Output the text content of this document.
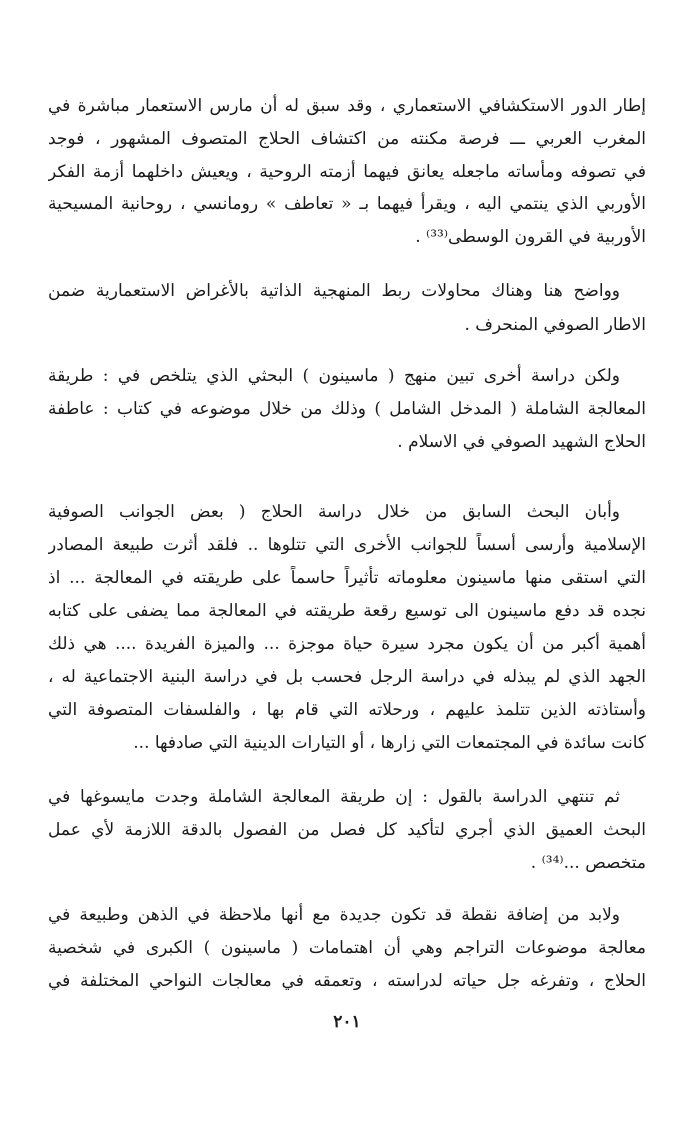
إطار الدور الاستكشافي الاستعماري ، وقد سبق له أن مارس الاستعمار مباشرة في
المغرب العربي ـــ فرصة مكنته من اكتشاف الحلاج المتصوف المشهور ، فوجد
في تصوفه ومأساته ماجعله يعانق فيهما أزمته الروحية ، ويعيش داخلهما أزمة الفكر
الأوربي الذي ينتمي اليه ، ويقرأ فيهما بـ « تعاطف » رومانسي ، روحانية المسيحية
الأوربية في القرون الوسطى⁽³³⁾ .
وواضح هنا وهناك محاولات ربط المنهجية الذاتية بالأغراض الاستعمارية ضمن
الاطار الصوفي المنحرف .
ولكن دراسة أخرى تبين منهج ( ماسينون ) البحثي الذي يتلخص في : طريقة
المعالجة الشاملة ( المدخل الشامل ) وذلك من خلال موضوعه في كتاب : عاطفة
الحلاج الشهيد الصوفي في الاسلام .
وأبان البحث السابق من خلال دراسة الحلاج ( بعض الجوانب الصوفية
الإسلامية وأرسى أسساً للجوانب الأخرى التي تتلوها .. فلقد أثرت طبيعة المصادر
التي استقى منها ماسينون معلوماته تأثيراً حاسماً على طريقته في المعالجة ... اذ
نجده قد دفع ماسينون الى توسيع رقعة طريقته في المعالجة مما يضفى على كتابه
أهمية أكبر من أن يكون مجرد سيرة حياة موجزة ... والميزة الفريدة .... هي ذلك
الجهد الذي لم يبذله في دراسة الرجل فحسب بل في دراسة البنية الاجتماعية له ،
وأستاذته الذين تتلمذ عليهم ، ورحلاته التي قام بها ، والفلسفات المتصوفة التي
كانت سائدة في المجتمعات التي زارها ، أو التيارات الدينية التي صادفها ...
ثم تنتهي الدراسة بالقول : إن طريقة المعالجة الشاملة وجدت مايسوغها في
البحث العميق الذي أجري لتأكيد كل فصل من الفصول بالدقة اللازمة لأي عمل
متخصص ...⁽³⁴⁾ .
ولابد من إضافة نقطة قد تكون جديدة مع أنها ملاحظة في الذهن وطبيعة في
معالجة موضوعات التراجم وهي أن اهتمامات ( ماسينون ) الكبرى في شخصية
الحلاج ، وتفرغه جل حياته لدراسته ، وتعمقه في معالجات النواحي المختلفة في
٢٠١
